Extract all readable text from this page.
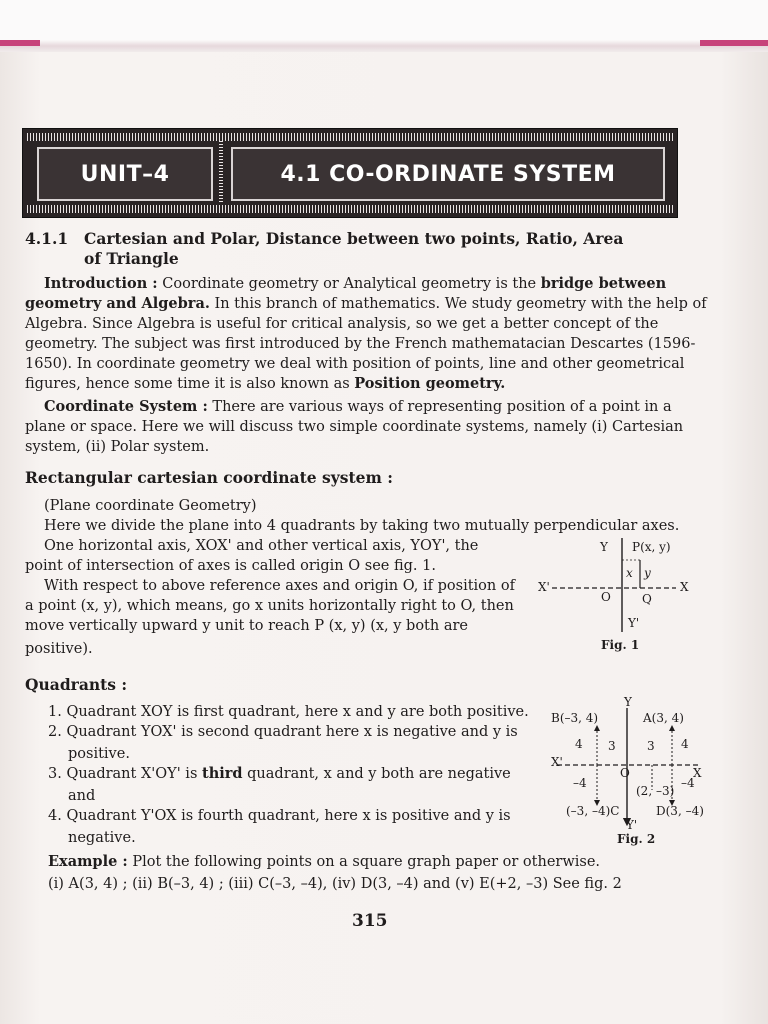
UNIT–4	4.1 CO-ORDINATE SYSTEM

4.1.1 Cartesian and Polar, Distance between two points, Ratio, Area

of Triangle

Introduction : Coordinate geometry or Analytical geometry is the bridge between

geometry and Algebra. In this branch of mathematics. We study geometry with the help of

Algebra. Since Algebra is useful for critical analysis, so we get a better concept of the

geometry. The subject was first introduced by the French mathematacian Descartes (1596-

1650). In coordinate geometry we deal with position of points, line and other geometrical

figures, hence some time it is also known as Position geometry.

Coordinate System : There are various ways of representing position of a point in a

plane or space. Here we will discuss two simple coordinate systems, namely (i) Cartesian

system, (ii) Polar system.

Rectangular cartesian coordinate system :

(Plane coordinate Geometry)

Here we divide the plane into 4 quadrants by taking two mutually perpendicular axes.

One horizontal axis, XOX' and other vertical axis, YOY', the

point of intersection of axes is called origin O see fig. 1.

With respect to above reference axes and origin O, if position of

a point (x, y), which means, go x units horizontally right to O, then

move vertically upward y unit to reach P (x, y) (x, y both are

positive).

Y P(x, y)
x y
X'	X
O	Q
Y'
Fig. 1

Quadrants :

1. Quadrant XOY is first quadrant, here x and y are both positive.

2. Quadrant YOX' is second quadrant here x is negative and y is

positive.

3. Quadrant X'OY' is third quadrant, x and y both are negative

and

4. Quadrant Y'OX is fourth quadrant, here x is positive and y is

negative.

Y
B(–3, 4)	A(3, 4)
4 3	3 4
X'
O	X
–4	–4
(2, –3)
(–3, –4)C	D(3, –4)
Y'
Fig. 2

Example : Plot the following points on a square graph paper or otherwise.

(i) A(3, 4) ; (ii) B(–3, 4) ; (iii) C(–3, –4), (iv) D(3, –4) and (v) E(+2, –3) See fig. 2

315
